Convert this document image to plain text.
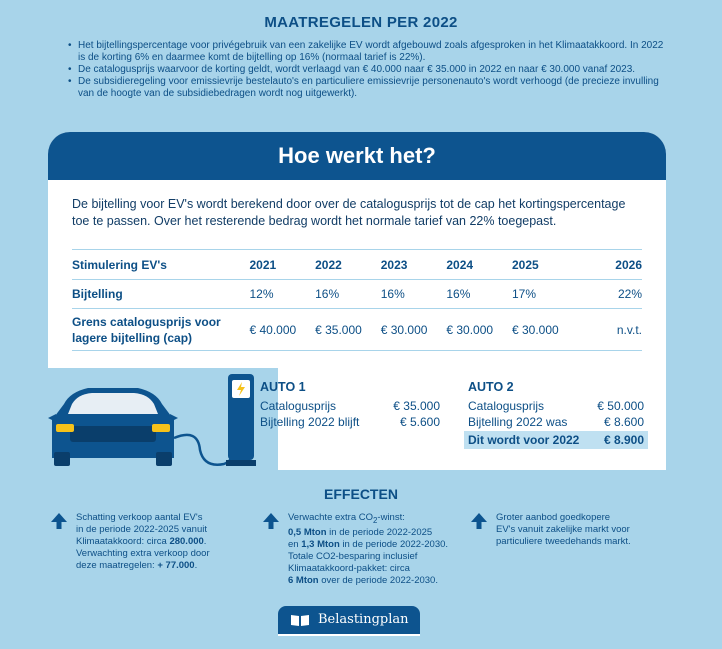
MAATREGELEN PER 2022
• Het bijtellingspercentage voor privégebruik van een zakelijke EV wordt afgebouwd zoals afgesproken in het Klimaatakkoord. In 2022 is de korting 6% en daarmee komt de bijtelling op 16% (normaal tarief is 22%).
• De catalogusprijs waarvoor de korting geldt, wordt verlaagd van € 40.000 naar € 35.000 in 2022 en naar € 30.000 vanaf 2023.
• De subsidieregeling voor emissievrije bestelauto's en particuliere emissievrije personenauto's wordt verhoogd (de precieze invulling van de hoogte van de subsidiebedragen wordt nog uitgewerkt).
Hoe werkt het?
De bijtelling voor EV's wordt berekend door over de catalogusprijs tot de cap het kortingspercentage toe te passen. Over het resterende bedrag wordt het normale tarief van 22% toegepast.
Stimulering EV's	2021	2022	2023	2024	2025	2026
Bijtelling	12%	16%	16%	16%	17%	22%
Grens catalogusprijs voor
lagere bijtelling (cap)	€ 40.000	€ 35.000	€ 30.000	€ 30.000	€ 30.000	n.v.t.
AUTO 1
Catalogusprijs	€ 35.000
Bijtelling 2022 blijft	€ 5.600
AUTO 2
Catalogusprijs	€ 50.000
Bijtelling 2022 was	€ 8.600
Dit wordt voor 2022 € 8.900
EFFECTEN
Schatting verkoop aantal EV's
in de periode 2022-2025 vanuit
Klimaatakkoord: circa 280.000.
Verwachting extra verkoop door
deze maatregelen: + 77.000.
Verwachte extra $CO_2$-winst:
0,5 Mton in de periode 2022-2025
en 1,3 Mton in de periode 2022-2030.
Totale CO2-besparing inclusief
Klimaatakkoord-pakket: circa
6 Mton over de periode 2022-2030.
Groter aanbod goedkopere
EV's vanuit zakelijke markt voor
particuliere tweedehands markt.
Belastingplan
